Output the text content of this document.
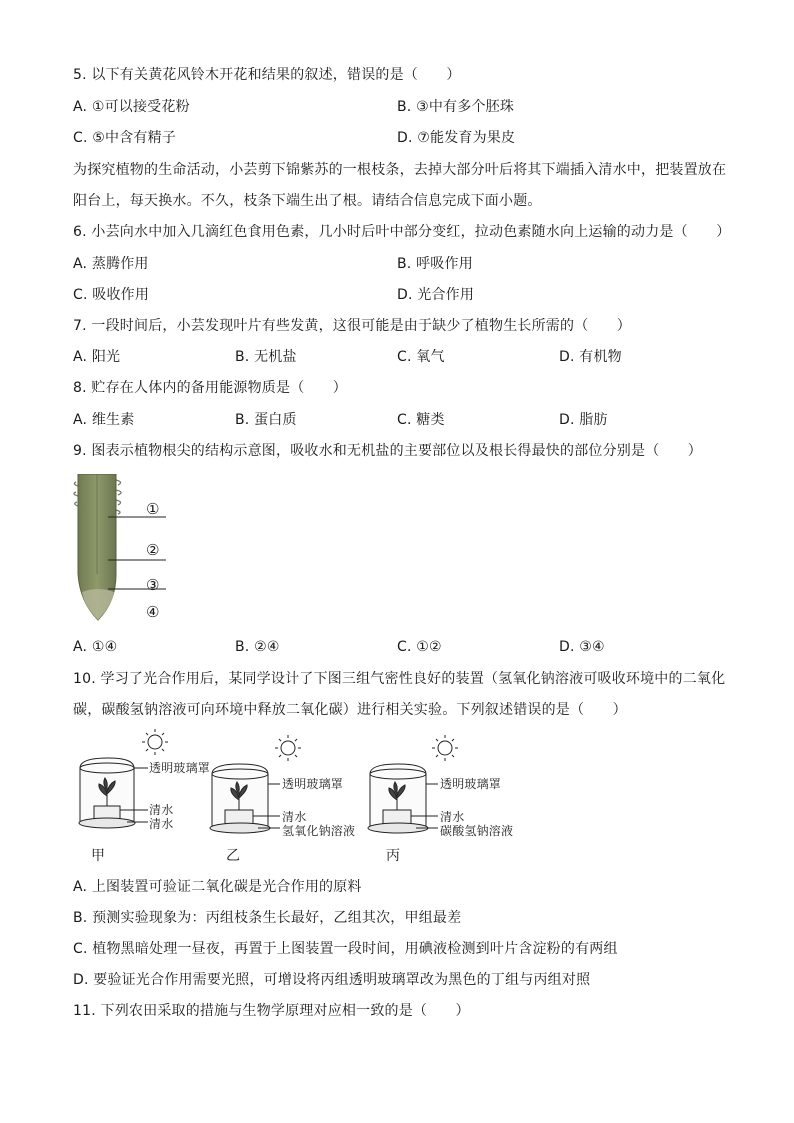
5. 以下有关黄花风铃木开花和结果的叙述，错误的是（　　）
A. ①可以接受花粉	B. ③中有多个胚珠
C. ⑤中含有精子	D. ⑦能发育为果皮
为探究植物的生命活动，小芸剪下锦紫苏的一根枝条，去掉大部分叶后将其下端插入清水中，把装置放在
阳台上，每天换水。不久，枝条下端生出了根。请结合信息完成下面小题。
6. 小芸向水中加入几滴红色食用色素，几小时后叶中部分变红，拉动色素随水向上运输的动力是（　　）
A. 蒸腾作用	B. 呼吸作用
C. 吸收作用	D. 光合作用
7. 一段时间后，小芸发现叶片有些发黄，这很可能是由于缺少了植物生长所需的（　　）
A. 阳光	B. 无机盐	C. 氧气	D. 有机物
8. 贮存在人体内的备用能源物质是（　　）
A. 维生素	B. 蛋白质	C. 糖类	D. 脂肪
9. 图表示植物根尖的结构示意图，吸收水和无机盐的主要部位以及根长得最快的部位分别是（　　）
①
②
③
④
A. ①④	B. ②④	C. ①②	D. ③④
10. 学习了光合作用后，某同学设计了下图三组气密性良好的装置（氢氧化钠溶液可吸收环境中的二氧化
碳，碳酸氢钠溶液可向环境中释放二氧化碳）进行相关实验。下列叙述错误的是（　　）
透明玻璃罩
清水
清水
甲
透明玻璃罩
清水
氢氧化钠溶液
乙
透明玻璃罩
清水
碳酸氢钠溶液
丙
A. 上图装置可验证二氧化碳是光合作用的原料
B. 预测实验现象为：丙组枝条生长最好，乙组其次，甲组最差
C. 植物黑暗处理一昼夜，再置于上图装置一段时间，用碘液检测到叶片含淀粉的有两组
D. 要验证光合作用需要光照，可增设将丙组透明玻璃罩改为黑色的丁组与丙组对照
11. 下列农田采取的措施与生物学原理对应相一致的是（　　）
